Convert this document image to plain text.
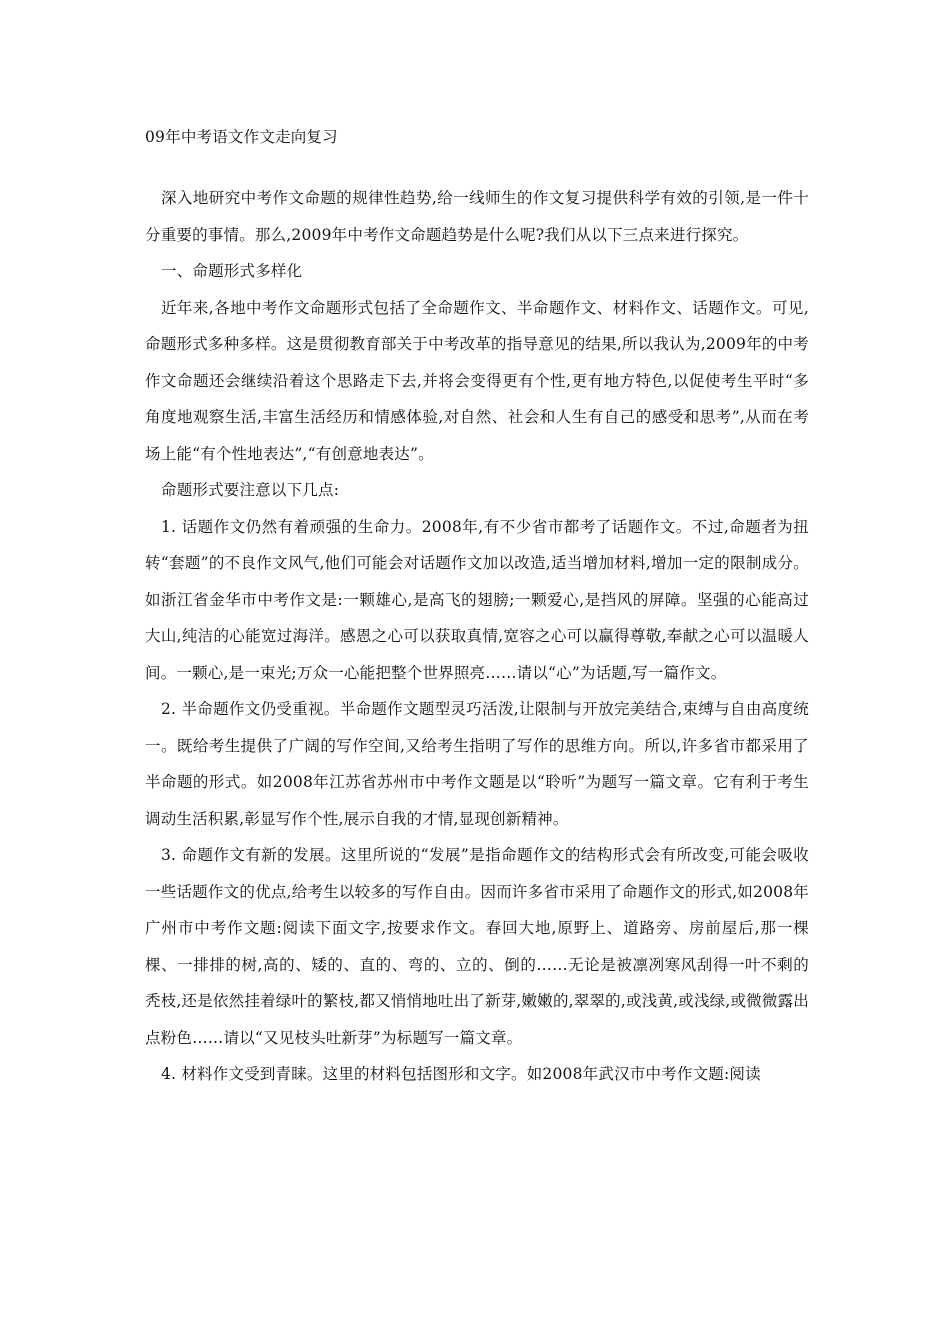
09年中考语文作文走向复习

深入地研究中考作文命题的规律性趋势,给一线师生的作文复习提供科学有效的引领,是一件十分重要的事情。那么,2009年中考作文命题趋势是什么呢?我们从以下三点来进行探究。

一、命题形式多样化

近年来,各地中考作文命题形式包括了全命题作文、半命题作文、材料作文、话题作文。可见,命题形式多种多样。这是贯彻教育部关于中考改革的指导意见的结果,所以我认为,2009年的中考作文命题还会继续沿着这个思路走下去,并将会变得更有个性,更有地方特色,以促使考生平时“多角度地观察生活,丰富生活经历和情感体验,对自然、社会和人生有自己的感受和思考”,从而在考场上能“有个性地表达”,“有创意地表达”。

命题形式要注意以下几点:

1. 话题作文仍然有着顽强的生命力。2008年,有不少省市都考了话题作文。不过,命题者为扭转“套题”的不良作文风气,他们可能会对话题作文加以改造,适当增加材料,增加一定的限制成分。如浙江省金华市中考作文是:一颗雄心,是高飞的翅膀;一颗爱心,是挡风的屏障。坚强的心能高过大山,纯洁的心能宽过海洋。感恩之心可以获取真情,宽容之心可以赢得尊敬,奉献之心可以温暖人间。一颗心,是一束光;万众一心能把整个世界照亮……请以“心”为话题,写一篇作文。

2. 半命题作文仍受重视。半命题作文题型灵巧活泼,让限制与开放完美结合,束缚与自由高度统一。既给考生提供了广阔的写作空间,又给考生指明了写作的思维方向。所以,许多省市都采用了半命题的形式。如2008年江苏省苏州市中考作文题是以“聆听”为题写一篇文章。它有利于考生调动生活积累,彰显写作个性,展示自我的才情,显现创新精神。

3. 命题作文有新的发展。这里所说的“发展”是指命题作文的结构形式会有所改变,可能会吸收一些话题作文的优点,给考生以较多的写作自由。因而许多省市采用了命题作文的形式,如2008年广州市中考作文题:阅读下面文字,按要求作文。春回大地,原野上、道路旁、房前屋后,那一棵棵、一排排的树,高的、矮的、直的、弯的、立的、倒的……无论是被凛冽寒风刮得一叶不剩的秃枝,还是依然挂着绿叶的繁枝,都又悄悄地吐出了新芽,嫩嫩的,翠翠的,或浅黄,或浅绿,或微微露出点粉色……请以“又见枝头吐新芽”为标题写一篇文章。

4. 材料作文受到青睐。这里的材料包括图形和文字。如2008年武汉市中考作文题:阅读
